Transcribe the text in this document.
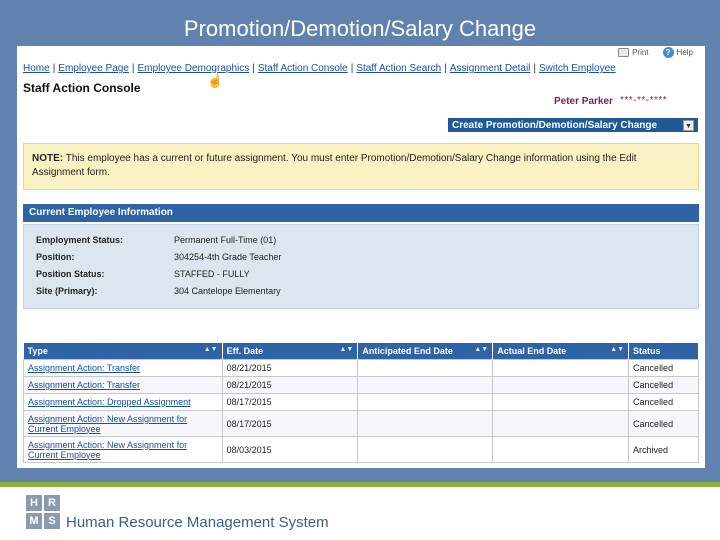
Promotion/Demotion/Salary Change
Print	? Help
Home | Employee Page | Employee Demographics | Staff Action Console | Staff Action Search | Assignment Detail | Switch Employee
☝
Staff Action Console
Peter Parker ***-**-****
Create Promotion/Demotion/Salary Change	▼
NOTE: This employee has a current or future assignment. You must enter Promotion/Demotion/Salary Change information using the Edit Assignment form.
Current Employee Information
Employment Status:	Permanent Full-Time (01)
Position:	304254-4th Grade Teacher
Position Status:	STAFFED - FULLY
Site (Primary):	304 Cantelope Elementary
Type ▲▼	Eff. Date ▲▼	Anticipated End Date ▲▼	Actual End Date ▲▼	Status
Assignment Action: Transfer	08/21/2015			Cancelled
Assignment Action: Transfer	08/21/2015			Cancelled
Assignment Action: Dropped Assignment	08/17/2015			Cancelled
Assignment Action: New Assignment for Current Employee	08/17/2015			Cancelled
Assignment Action: New Assignment for Current Employee	08/03/2015			Archived
H R
M S Human Resource Management System
